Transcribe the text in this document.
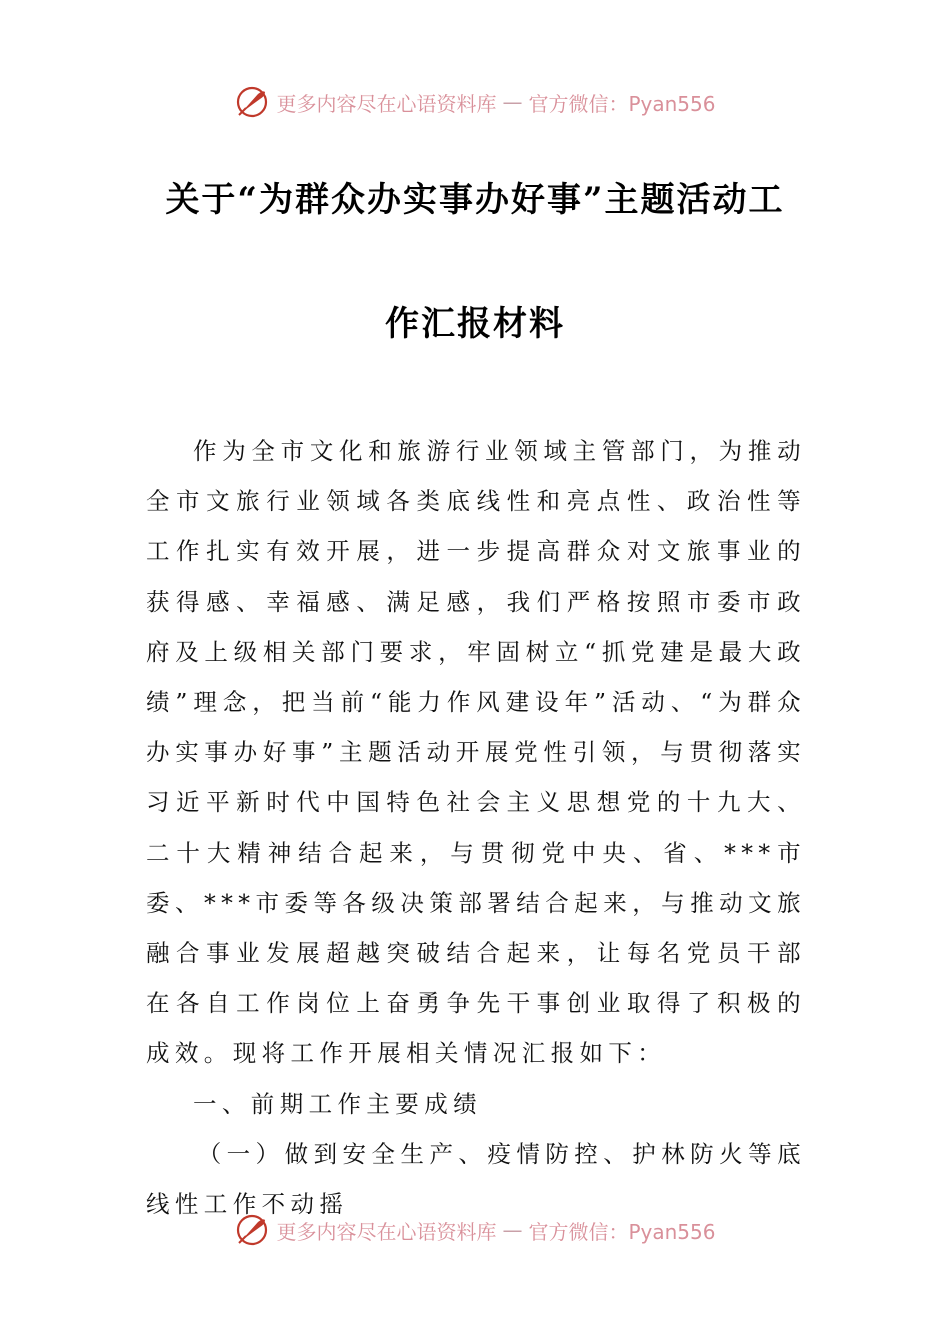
更多内容尽在心语资料库 — 官方微信：Pyan556
关于“为群众办实事办好事”主题活动工
作汇报材料

作为全市文化和旅游行业领域主管部门，为推动全市文旅行业领域各类底线性和亮点性、政治性等工作扎实有效开展，进一步提高群众对文旅事业的获得感、幸福感、满足感，我们严格按照市委市政府及上级相关部门要求，牢固树立“抓党建是最大政绩”理念，把当前“能力作风建设年”活动、“为群众办实事办好事”主题活动开展党性引领，与贯彻落实习近平新时代中国特色社会主义思想党的十九大、二十大精神结合起来，与贯彻党中央、省、***市委、***市委等各级决策部署结合起来，与推动文旅融合事业发展超越突破结合起来，让每名党员干部在各自工作岗位上奋勇争先干事创业取得了积极的成效。现将工作开展相关情况汇报如下：

一、前期工作主要成绩

（一）做到安全生产、疫情防控、护林防火等底线性工作不动摇

更多内容尽在心语资料库 — 官方微信：Pyan556
